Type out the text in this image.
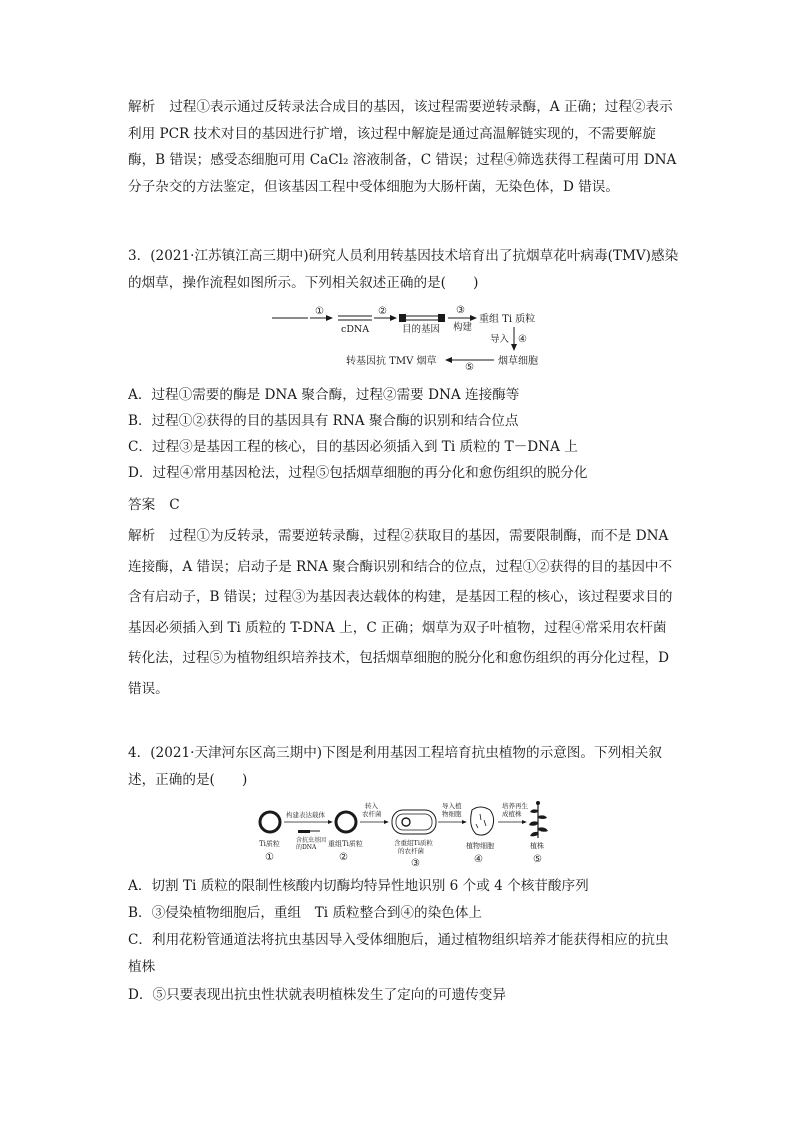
解析 过程①表示通过反转录法合成目的基因，该过程需要逆转录酶，A 正确；过程②表示利用 PCR 技术对目的基因进行扩增，该过程中解旋是通过高温解链实现的，不需要解旋酶，B 错误；感受态细胞可用 CaCl₂ 溶液制备，C 错误；过程④筛选获得工程菌可用 DNA 分子杂交的方法鉴定，但该基因工程中受体细胞为大肠杆菌，无染色体，D 错误。

3．(2021·江苏镇江高三期中)研究人员利用转基因技术培育出了抗烟草花叶病毒(TMV)感染的烟草，操作流程如图所示。下列相关叙述正确的是(　　)
①
cDNA
②
目的基因
③
构建
重组 Ti 质粒
导入 ④
烟草细胞
⑤
转基因抗 TMV 烟草
A．过程①需要的酶是 DNA 聚合酶，过程②需要 DNA 连接酶等
B．过程①②获得的目的基因具有 RNA 聚合酶的识别和结合位点
C．过程③是基因工程的核心，目的基因必须插入到 Ti 质粒的 T－DNA 上
D．过程④常用基因枪法，过程⑤包括烟草细胞的再分化和愈伤组织的脱分化
答案 C

解析 过程①为反转录，需要逆转录酶，过程②获取目的基因，需要限制酶，而不是 DNA 连接酶，A 错误；启动子是 RNA 聚合酶识别和结合的位点，过程①②获得的目的基因中不含有启动子，B 错误；过程③为基因表达载体的构建，是基因工程的核心，该过程要求目的基因必须插入到 Ti 质粒的 T-DNA 上，C 正确；烟草为双子叶植物，过程④常采用农杆菌转化法，过程⑤为植物组织培养技术，包括烟草细胞的脱分化和愈伤组织的再分化过程，D 错误。

4．(2021·天津河东区高三期中)下图是利用基因工程培育抗虫植物的示意图。下列相关叙述，正确的是(　　)
Ti质粒
①
构建表达载体
含抗虫基因
的DNA 重组Ti质粒
②
转入
农杆菌
含重组Ti质粒
的农杆菌
③
导入植
物细胞
植物细胞
④
培养再生
成植株
植株
⑤
A．切割 Ti 质粒的限制性核酸内切酶均特异性地识别 6 个或 4 个核苷酸序列
B．③侵染植物细胞后，重组　Ti 质粒整合到④的染色体上

C．利用花粉管通道法将抗虫基因导入受体细胞后，通过植物组织培养才能获得相应的抗虫植株

D．⑤只要表现出抗虫性状就表明植株发生了定向的可遗传变异
